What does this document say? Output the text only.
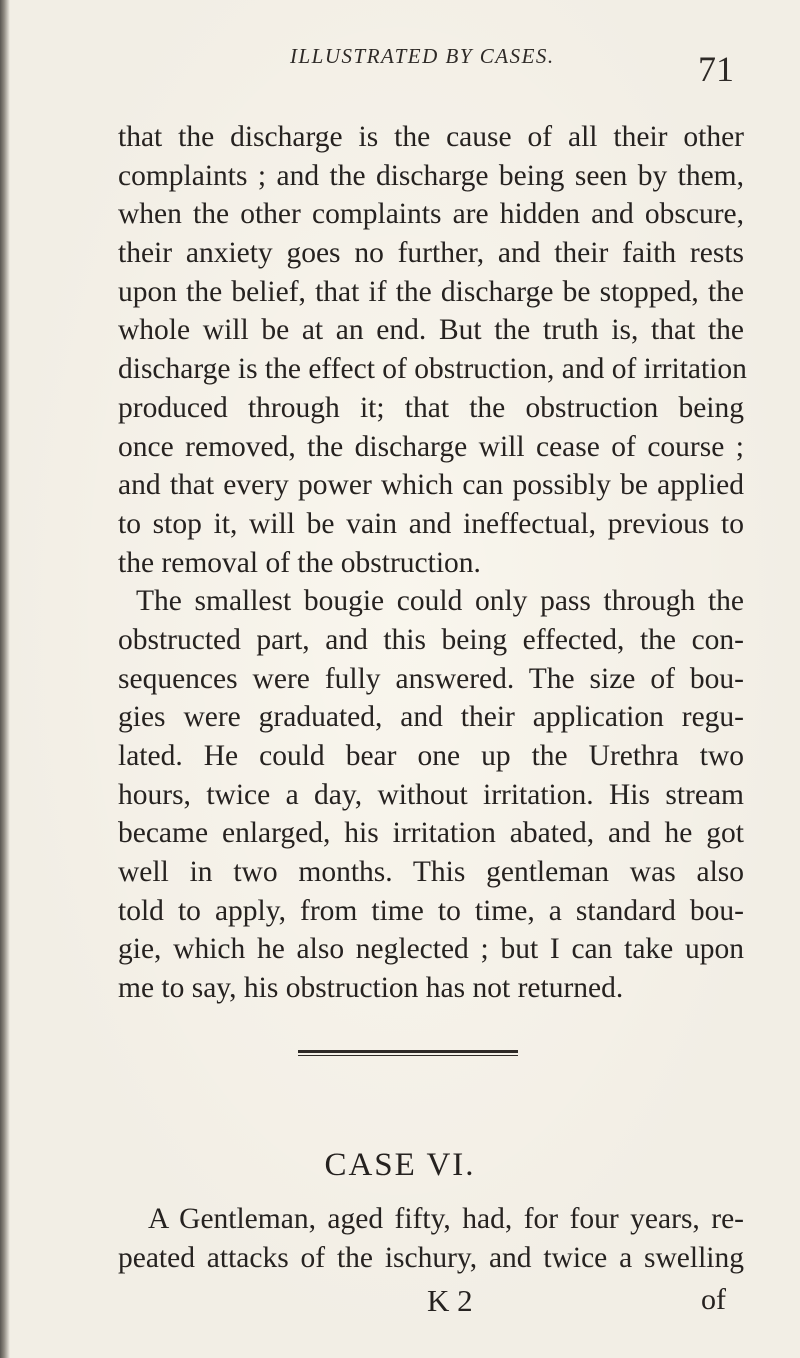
ILLUSTRATED BY CASES.	71
that the discharge is the cause of all their other
complaints ; and the discharge being seen by them,
when the other complaints are hidden and obscure,
their anxiety goes no further, and their faith rests
upon the belief, that if the discharge be stopped, the
whole will be at an end. But the truth is, that the
discharge is the effect of obstruction, and of irritation
produced through it; that the obstruction being
once removed, the discharge will cease of course ;
and that every power which can possibly be applied
to stop it, will be vain and ineffectual, previous to
the removal of the obstruction.
The smallest bougie could only pass through the
obstructed part, and this being effected, the con-
sequences were fully answered. The size of bou-
gies were graduated, and their application regu-
lated. He could bear one up the Urethra two
hours, twice a day, without irritation. His stream
became enlarged, his irritation abated, and he got
well in two months. This gentleman was also
told to apply, from time to time, a standard bou-
gie, which he also neglected ; but I can take upon
me to say, his obstruction has not returned.
CASE VI.
A Gentleman, aged fifty, had, for four years, re-
peated attacks of the ischury, and twice a swelling
K 2	of
